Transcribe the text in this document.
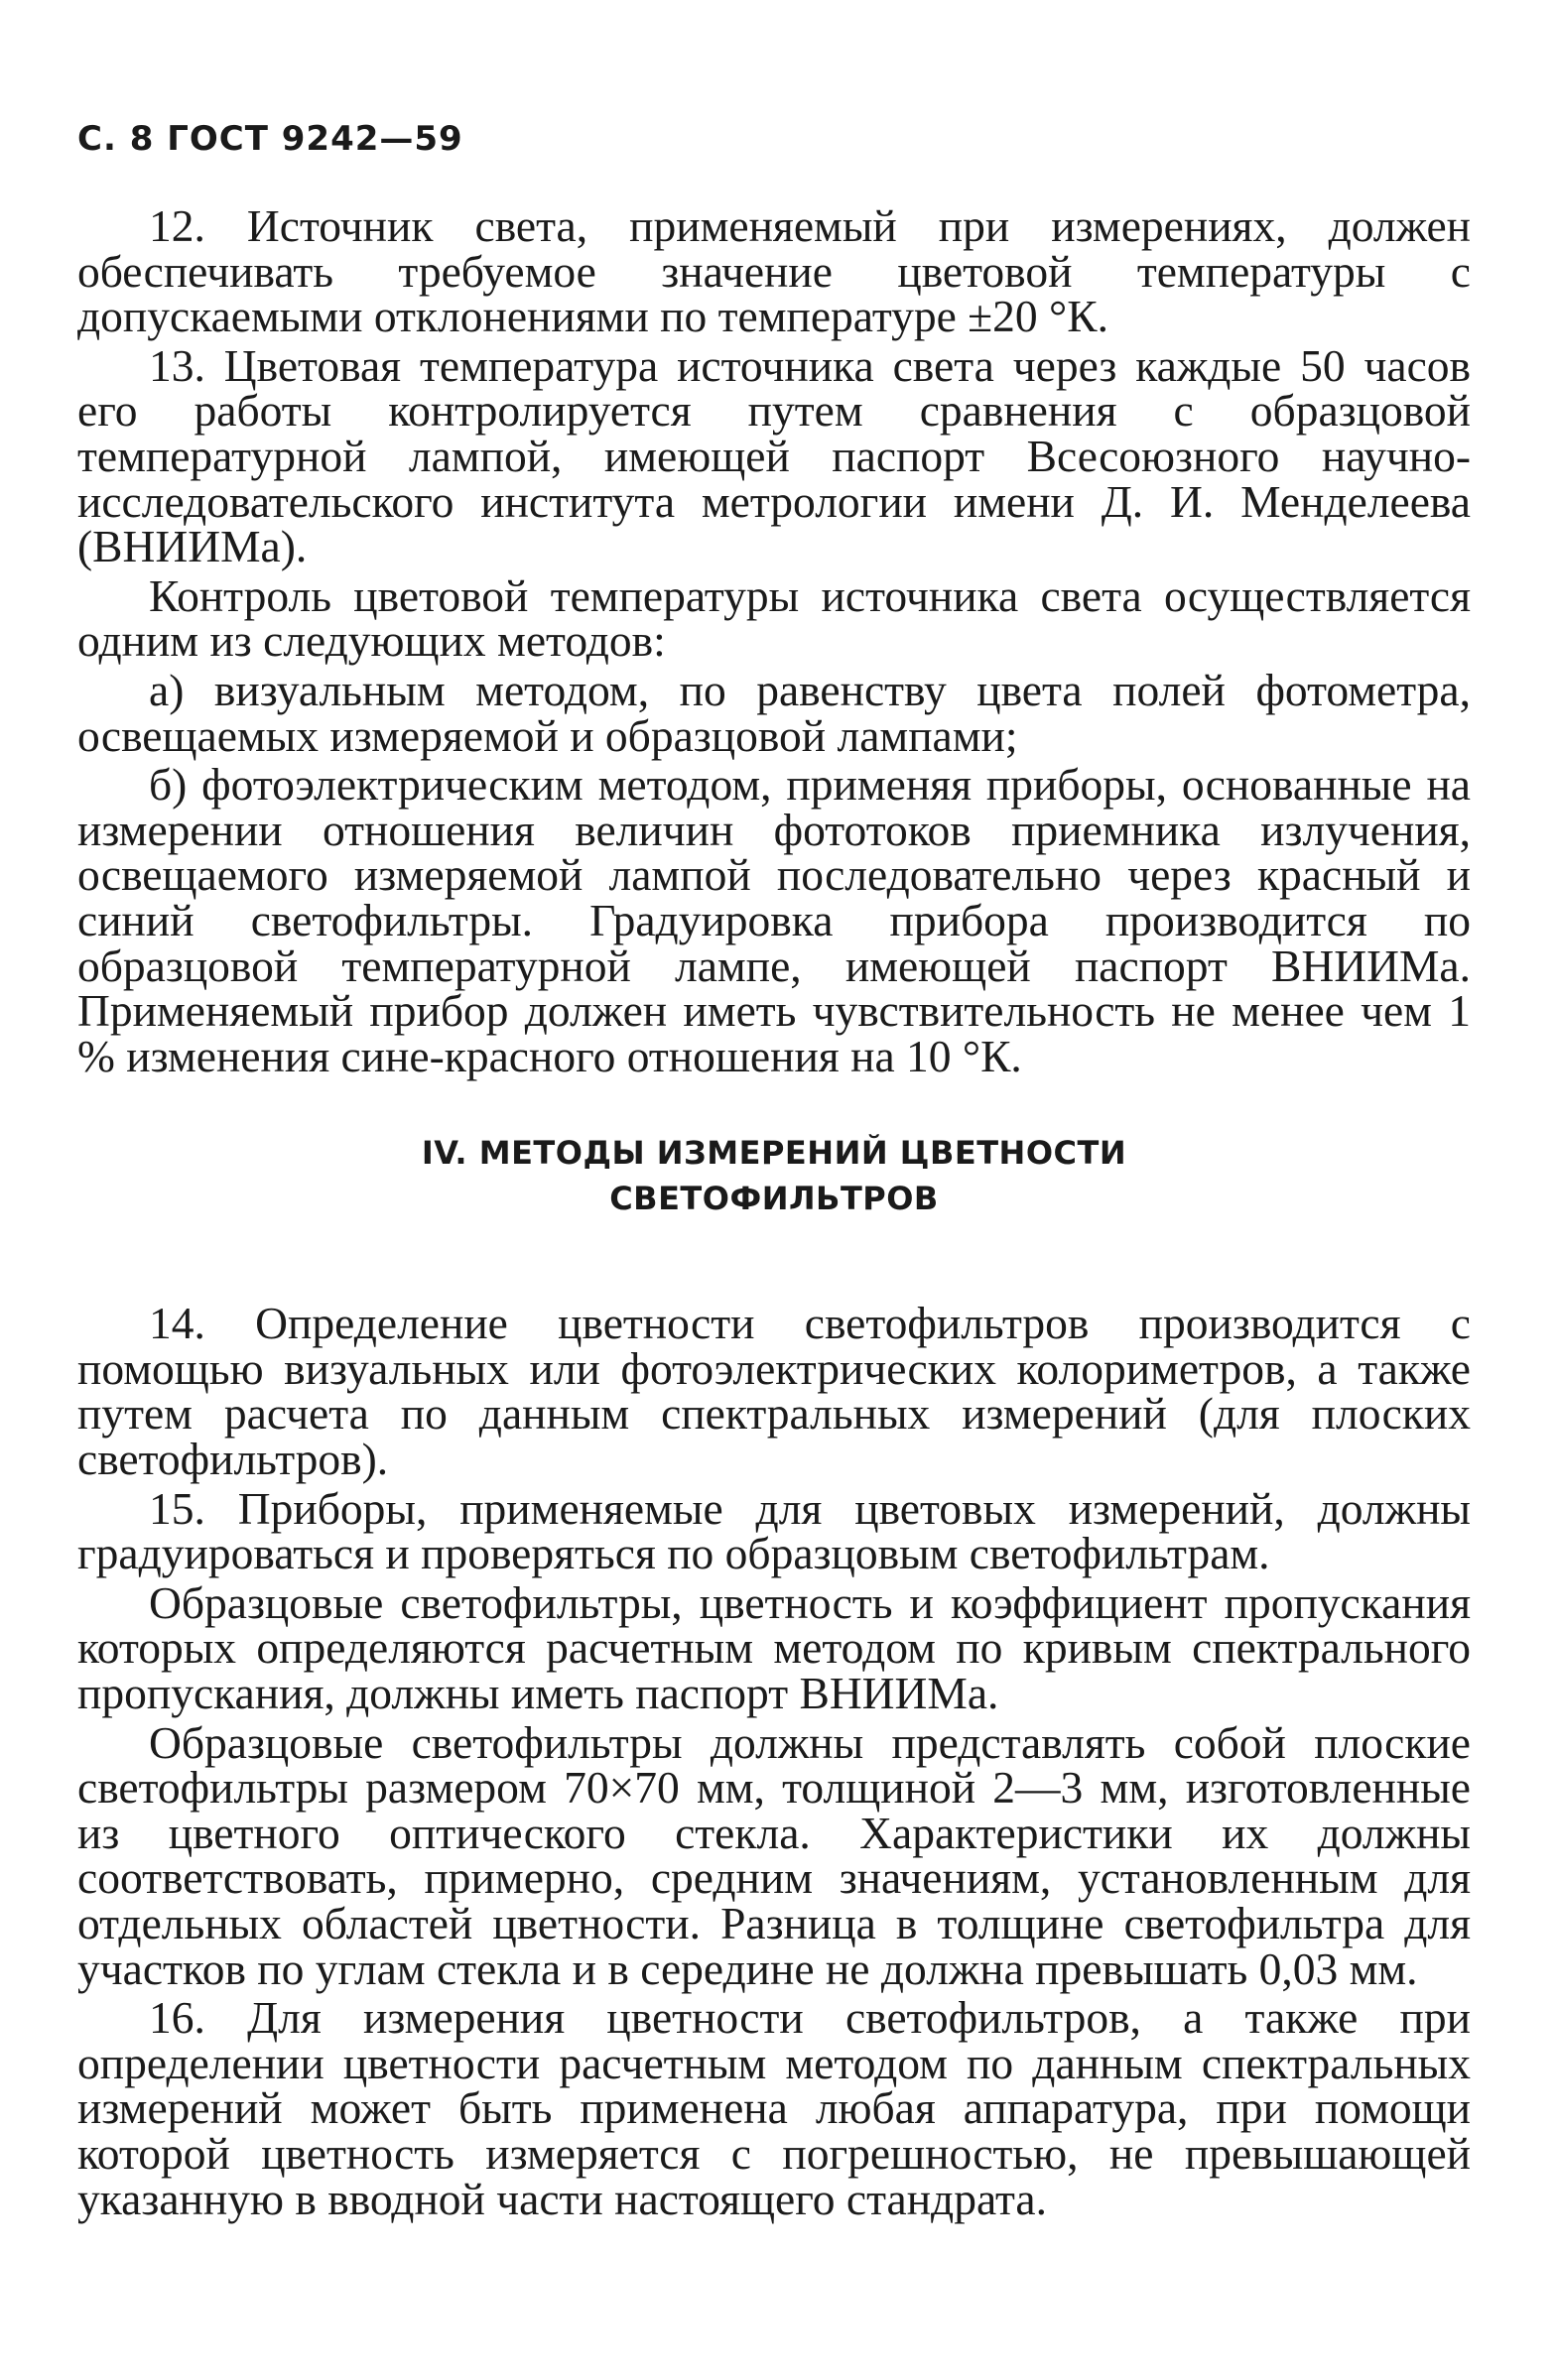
С. 8 ГОСТ 9242—59

12. Источник света, применяемый при измерениях, должен обеспечивать требуемое значение цветовой температуры с допускаемыми отклонениями по температуре ±20 °К.

13. Цветовая температура источника света через каждые 50 часов его работы контролируется путем сравнения с образцовой температурной лампой, имеющей паспорт Всесоюзного научно-исследовательского института метрологии имени Д. И. Менделеева (ВНИИМа).

Контроль цветовой температуры источника света осуществляется одним из следующих методов:

а) визуальным методом, по равенству цвета полей фотометра, освещаемых измеряемой и образцовой лампами;

б) фотоэлектрическим методом, применяя приборы, основанные на измерении отношения величин фототоков приемника излучения, освещаемого измеряемой лампой последовательно через красный и синий светофильтры. Градуировка прибора производится по образцовой температурной лампе, имеющей паспорт ВНИИМа. Применяемый прибор должен иметь чувствительность не менее чем 1 % изменения сине-красного отношения на 10 °К.

IV. МЕТОДЫ ИЗМЕРЕНИЙ ЦВЕТНОСТИ
СВЕТОФИЛЬТРОВ

14. Определение цветности светофильтров производится с помощью визуальных или фотоэлектрических колориметров, а также путем расчета по данным спектральных измерений (для плоских светофильтров).

15. Приборы, применяемые для цветовых измерений, должны градуироваться и проверяться по образцовым светофильтрам.

Образцовые светофильтры, цветность и коэффициент пропускания которых определяются расчетным методом по кривым спектрального пропускания, должны иметь паспорт ВНИИМа.

Образцовые светофильтры должны представлять собой плоские светофильтры размером 70×70 мм, толщиной 2—3 мм, изготовленные из цветного оптического стекла. Характеристики их должны соответствовать, примерно, средним значениям, установленным для отдельных областей цветности. Разница в толщине светофильтра для участков по углам стекла и в середине не должна превышать 0,03 мм.

16. Для измерения цветности светофильтров, а также при определении цветности расчетным методом по данным спектральных измерений может быть применена любая аппаратура, при помощи которой цветность измеряется с погрешностью, не превышающей указанную в вводной части настоящего стандрата.
